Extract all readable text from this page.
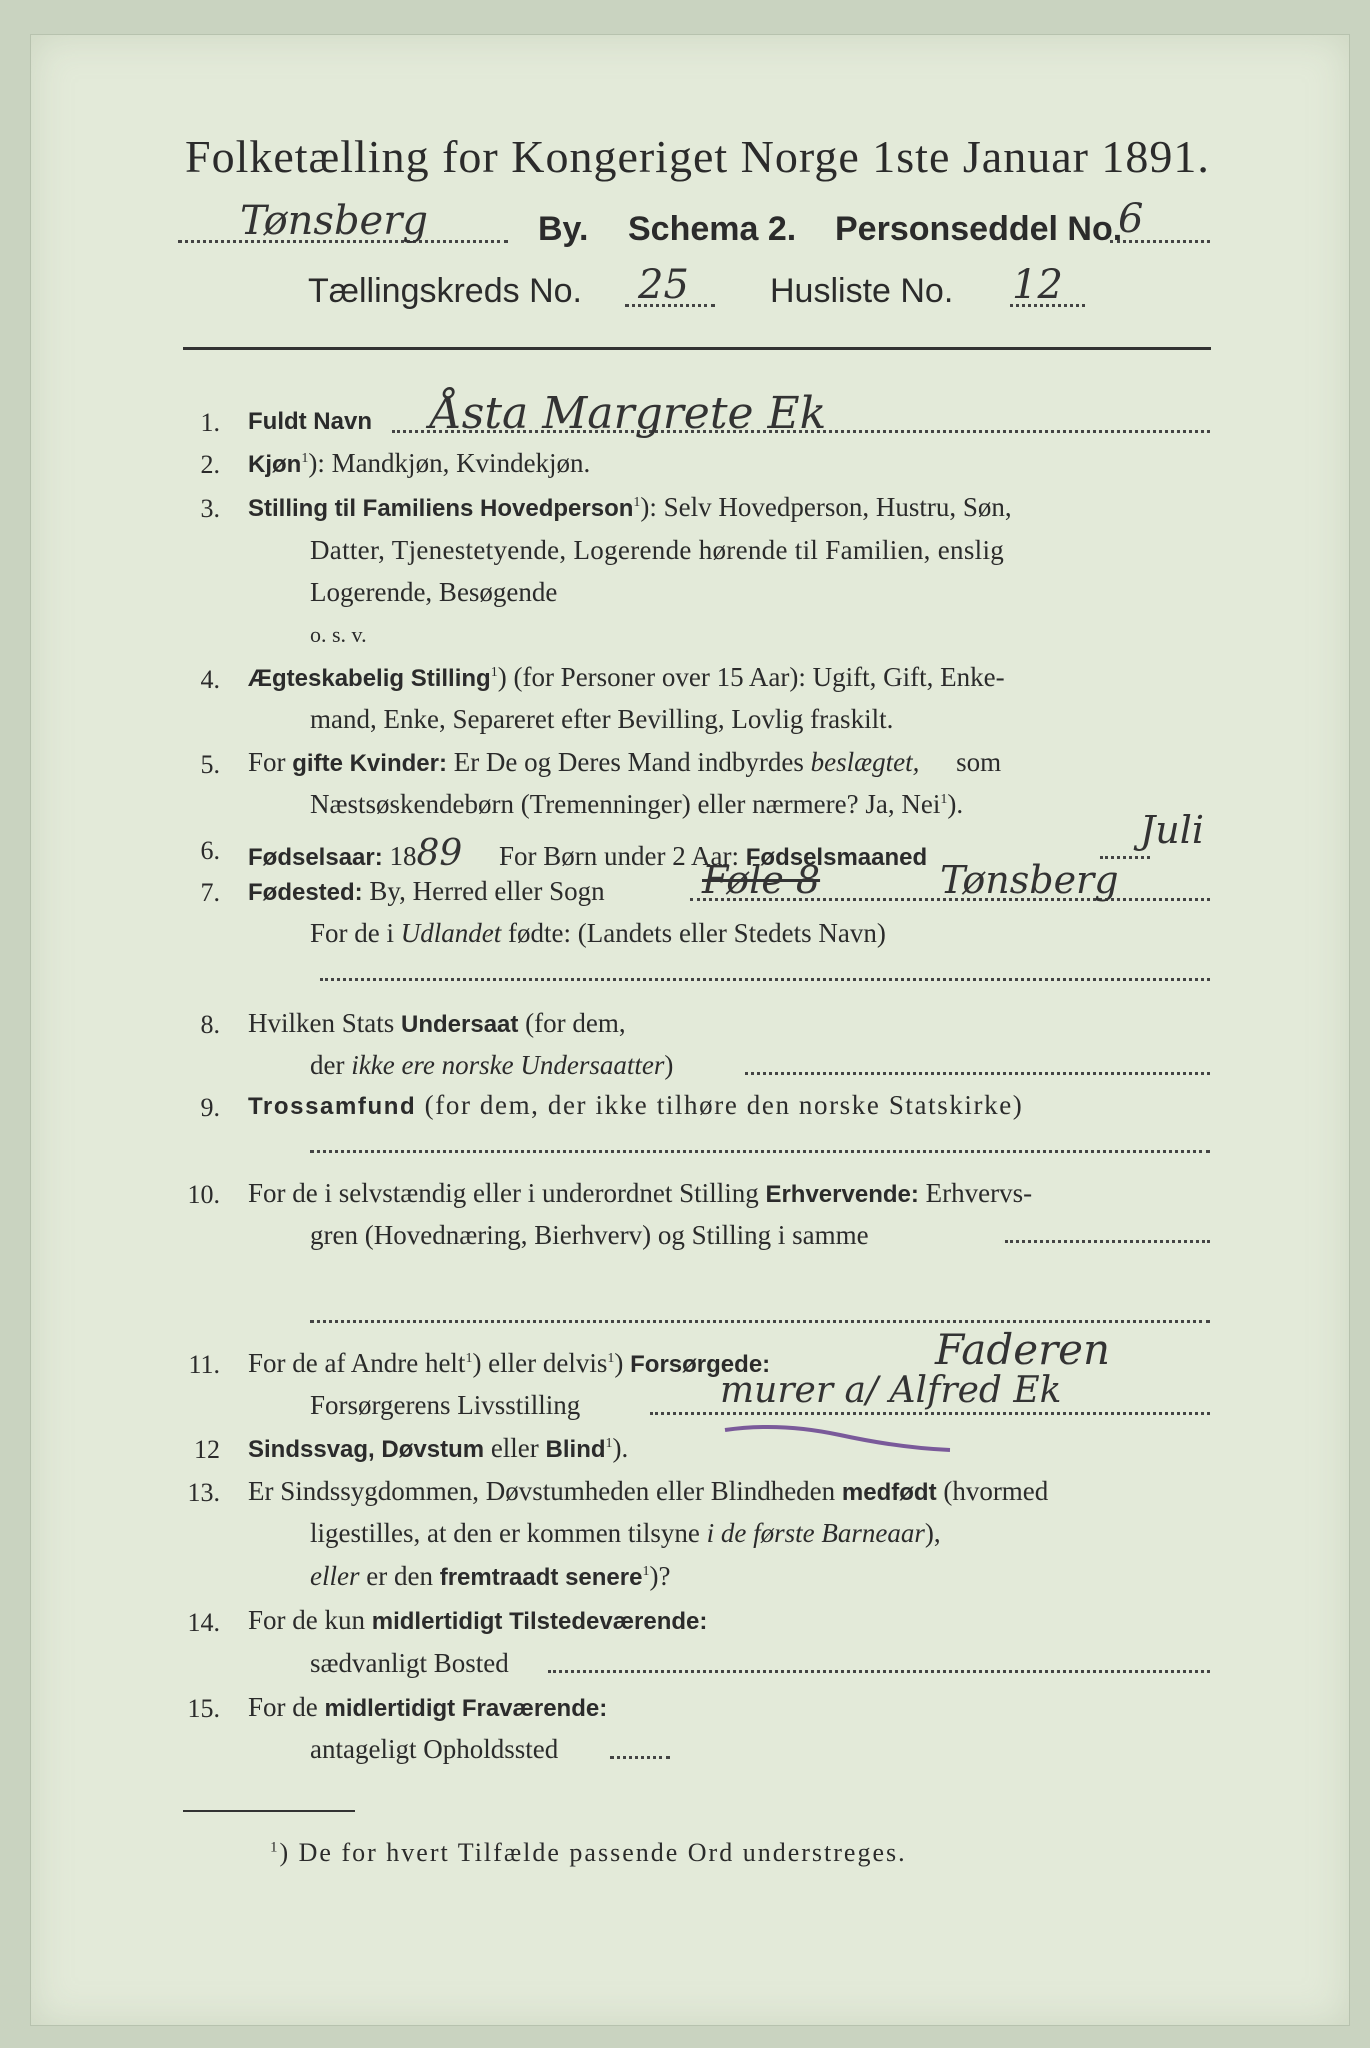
Folketælling for Kongeriget Norge 1ste Januar 1891.
Tønsberg	By. Schema 2. Personseddel No.
6
Tællingskreds No. 25 Husliste No. 12
1. Fuldt Navn Åsta Margrete Ek
2. Kjøn$^1$): Mandkjøn, Kvindekjøn.
3. Stilling til Familiens Hovedperson$^1$): Selv Hovedperson, Hustru, Søn,
Datter, Tjenestetyende, Logerende hørende til Familien, enslig
Logerende, Besøgende
o. s. v.
4. Ægteskabelig Stilling$^1$) (for Personer over 15 Aar): Ugift, Gift, Enke-
mand, Enke, Separeret efter Bevilling, Lovlig fraskilt.
5. For gifte Kvinder: Er De og Deres Mand indbyrdes beslægtet, som
Næstsøskendebørn (Tremenninger) eller nærmere? Ja, Nei$^1$).
6. Fødselsaar: 1889 For Børn under 2 Aar: Fødselsmaaned
Juli
7. Fødested: By, Herred eller Sogn	Føle 8	Tønsberg
For de i Udlandet fødte: (Landets eller Stedets Navn)
8. Hvilken Stats Undersaat (for dem,
der ikke ere norske Undersaatter)
9. Trossamfund (for dem, der ikke tilhøre den norske Statskirke)
10. For de i selvstændig eller i underordnet Stilling Erhvervende: Erhvervs-
gren (Hovednæring, Bierhverv) og Stilling i samme
11. For de af Andre helt$^1$) eller delvis$^1$) Forsørgede:	Faderen
Forsørgerens Livsstilling	murer a/ Alfred Ek
12 Sindssvag, Døvstum eller Blind$^1$).
13. Er Sindssygdommen, Døvstumheden eller Blindheden medfødt (hvormed
ligestilles, at den er kommen tilsyne i de første Barneaar),
eller er den fremtraadt senere$^1$)?
14. For de kun midlertidigt Tilstedeværende:
sædvanligt Bosted
15. For de midlertidigt Fraværende:
antageligt Opholdssted
$^1$) De for hvert Tilfælde passende Ord understreges.
